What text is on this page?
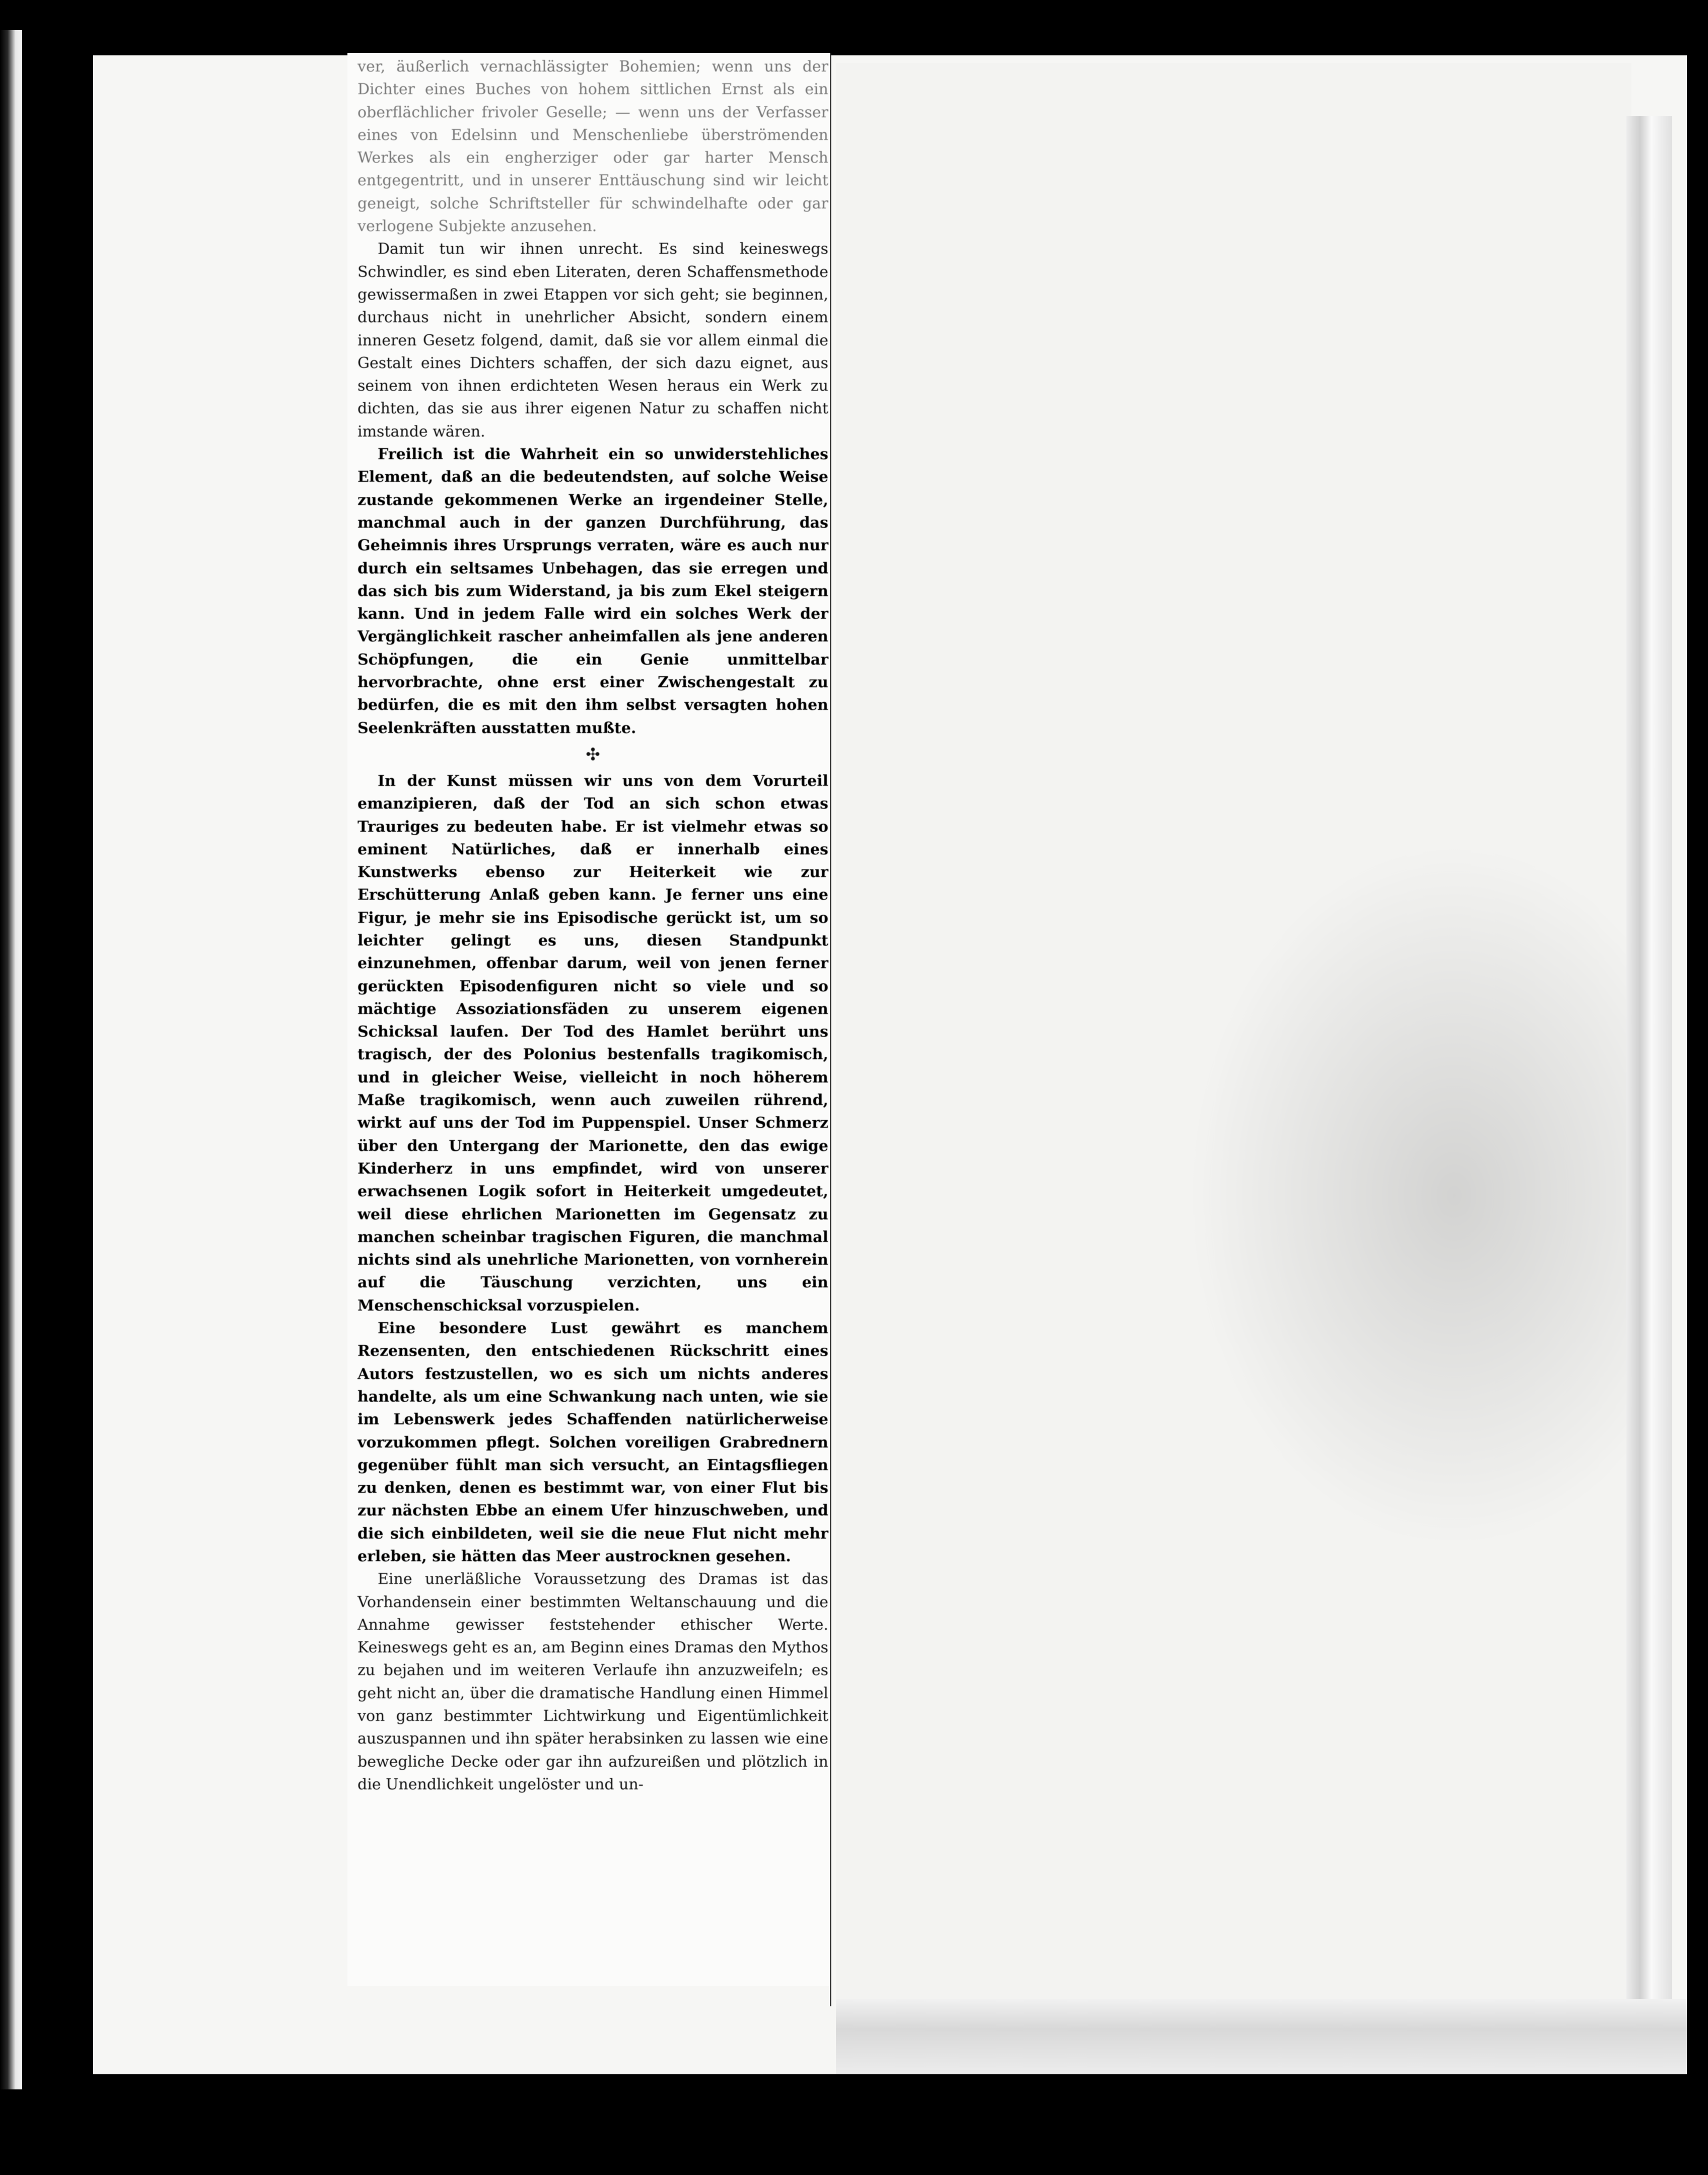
ver, äußerlich vernachlässigter Bohemien; wenn uns der Dichter eines Buches von hohem sittlichen Ernst als ein oberflächlicher frivoler Geselle; — wenn uns der Verfasser eines von Edelsinn und Menschenliebe überströmenden Werkes als ein engherziger oder gar harter Mensch entgegentritt, und in unserer Enttäuschung sind wir leicht geneigt, solche Schriftsteller für schwindelhafte oder gar verlogene Subjekte anzusehen.

Damit tun wir ihnen unrecht. Es sind keineswegs Schwindler, es sind eben Literaten, deren Schaffensmethode gewissermaßen in zwei Etappen vor sich geht; sie beginnen, durchaus nicht in unehrlicher Absicht, sondern einem inneren Gesetz folgend, damit, daß sie vor allem einmal die Gestalt eines Dichters schaffen, der sich dazu eignet, aus seinem von ihnen erdichteten Wesen heraus ein Werk zu dichten, das sie aus ihrer eigenen Natur zu schaffen nicht imstande wären.

Freilich ist die Wahrheit ein so unwiderstehliches Element, daß an die bedeutendsten, auf solche Weise zustande gekommenen Werke an irgendeiner Stelle, manchmal auch in der ganzen Durchführung, das Geheimnis ihres Ursprungs verraten, wäre es auch nur durch ein seltsames Unbehagen, das sie erregen und das sich bis zum Widerstand, ja bis zum Ekel steigern kann. Und in jedem Falle wird ein solches Werk der Vergänglichkeit rascher anheimfallen als jene anderen Schöpfungen, die ein Genie unmittelbar hervorbrachte, ohne erst einer Zwischengestalt zu bedürfen, die es mit den ihm selbst versagten hohen Seelenkräften ausstatten mußte.

✣

In der Kunst müssen wir uns von dem Vorurteil emanzipieren, daß der Tod an sich schon etwas Trauriges zu bedeuten habe. Er ist vielmehr etwas so eminent Natürliches, daß er innerhalb eines Kunstwerks ebenso zur Heiterkeit wie zur Erschütterung Anlaß geben kann. Je ferner uns eine Figur, je mehr sie ins Episodische gerückt ist, um so leichter gelingt es uns, diesen Standpunkt einzunehmen, offenbar darum, weil von jenen ferner gerückten Episodenfiguren nicht so viele und so mächtige Assoziationsfäden zu unserem eigenen Schicksal laufen. Der Tod des Hamlet berührt uns tragisch, der des Polonius bestenfalls tragikomisch, und in gleicher Weise, vielleicht in noch höherem Maße tragikomisch, wenn auch zuweilen rührend, wirkt auf uns der Tod im Puppenspiel. Unser Schmerz über den Untergang der Marionette, den das ewige Kinderherz in uns empfindet, wird von unserer erwachsenen Logik sofort in Heiterkeit umgedeutet, weil diese ehrlichen Marionetten im Gegensatz zu manchen scheinbar tragischen Figuren, die manchmal nichts sind als unehrliche Marionetten, von vornherein auf die Täuschung verzichten, uns ein Menschenschicksal vorzuspielen.

Eine besondere Lust gewährt es manchem Rezensenten, den entschiedenen Rückschritt eines Autors festzustellen, wo es sich um nichts anderes handelte, als um eine Schwankung nach unten, wie sie im Lebenswerk jedes Schaffenden natürlicherweise vorzukommen pflegt. Solchen voreiligen Grabrednern gegenüber fühlt man sich versucht, an Eintagsfliegen zu denken, denen es bestimmt war, von einer Flut bis zur nächsten Ebbe an einem Ufer hinzuschweben, und die sich einbildeten, weil sie die neue Flut nicht mehr erleben, sie hätten das Meer austrocknen gesehen.

Eine unerläßliche Voraussetzung des Dramas ist das Vorhandensein einer bestimmten Weltanschauung und die Annahme gewisser feststehender ethischer Werte. Keineswegs geht es an, am Beginn eines Dramas den Mythos zu bejahen und im weiteren Verlaufe ihn anzuzweifeln; es geht nicht an, über die dramatische Handlung einen Himmel von ganz bestimmter Lichtwirkung und Eigentümlichkeit auszuspannen und ihn später herabsinken zu lassen wie eine bewegliche Decke oder gar ihn aufzureißen und plötzlich in die Unendlichkeit ungelöster und un-
